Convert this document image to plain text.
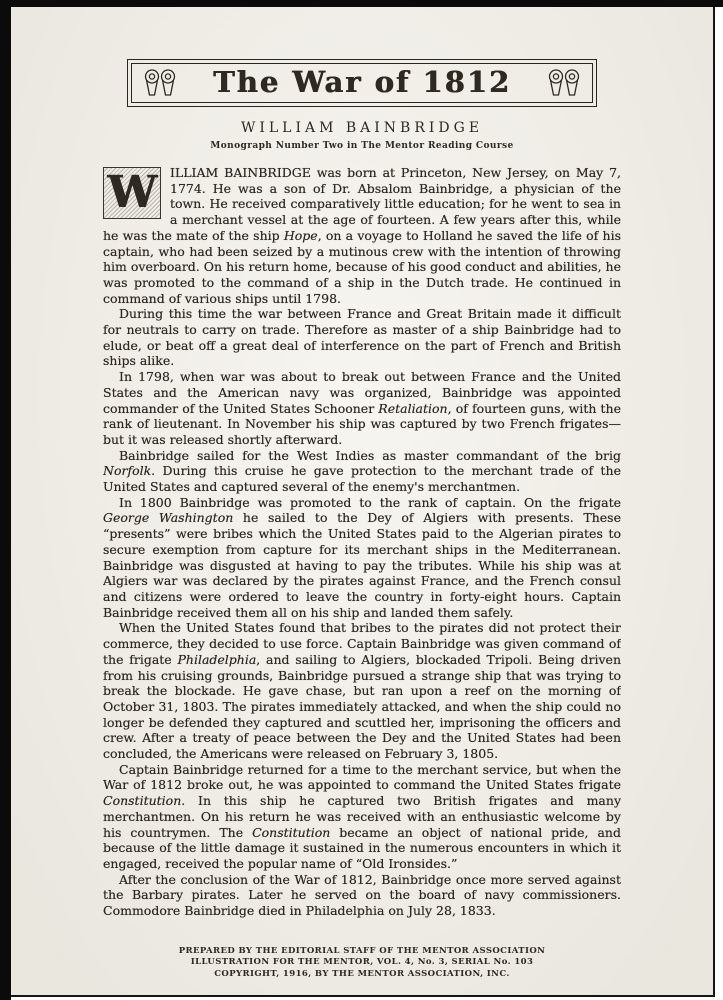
The War of 1812
WILLIAM BAINBRIDGE
Monograph Number Two in The Mentor Reading Course

W	ILLIAM BAINBRIDGE was born at Princeton, New Jersey, on May 7, 1774. He was a son of Dr. Absalom Bainbridge, a physician of the town. He received comparatively little education; for he went to sea in a merchant vessel at the age of fourteen. A few years after this, while he was the mate of the ship Hope, on a voyage to Holland he saved the life of his captain, who had been seized by a mutinous crew with the intention of throwing him overboard. On his return home, because of his good conduct and abilities, he was promoted to the command of a ship in the Dutch trade. He continued in command of various ships until 1798.

During this time the war between France and Great Britain made it difficult for neutrals to carry on trade. Therefore as master of a ship Bainbridge had to elude, or beat off a great deal of interference on the part of French and British ships alike.

In 1798, when war was about to break out between France and the United States and the American navy was organized, Bainbridge was appointed commander of the United States Schooner Retaliation, of fourteen guns, with the rank of lieutenant. In November his ship was captured by two French frigates—but it was released shortly afterward.

Bainbridge sailed for the West Indies as master commandant of the brig Norfolk. During this cruise he gave protection to the merchant trade of the United States and captured several of the enemy's merchantmen.

In 1800 Bainbridge was promoted to the rank of captain. On the frigate George Washington he sailed to the Dey of Algiers with presents. These “presents” were bribes which the United States paid to the Algerian pirates to secure exemption from capture for its merchant ships in the Mediterranean. Bainbridge was disgusted at having to pay the tributes. While his ship was at Algiers war was declared by the pirates against France, and the French consul and citizens were ordered to leave the country in forty-eight hours. Captain Bainbridge received them all on his ship and landed them safely.

When the United States found that bribes to the pirates did not protect their commerce, they decided to use force. Captain Bainbridge was given command of the frigate Philadelphia, and sailing to Algiers, blockaded Tripoli. Being driven from his cruising grounds, Bainbridge pursued a strange ship that was trying to break the blockade. He gave chase, but ran upon a reef on the morning of October 31, 1803. The pirates immediately attacked, and when the ship could no longer be defended they captured and scuttled her, imprisoning the officers and crew. After a treaty of peace between the Dey and the United States had been concluded, the Americans were released on February 3, 1805.

Captain Bainbridge returned for a time to the merchant service, but when the War of 1812 broke out, he was appointed to command the United States frigate Constitution. In this ship he captured two British frigates and many merchantmen. On his return he was received with an enthusiastic welcome by his countrymen. The Constitution became an object of national pride, and because of the little damage it sustained in the numerous encounters in which it engaged, received the popular name of “Old Ironsides.”

After the conclusion of the War of 1812, Bainbridge once more served against the Barbary pirates. Later he served on the board of navy commissioners. Commodore Bainbridge died in Philadelphia on July 28, 1833.

PREPARED BY THE EDITORIAL STAFF OF THE MENTOR ASSOCIATION
ILLUSTRATION FOR THE MENTOR, VOL. 4, No. 3, SERIAL No. 103
COPYRIGHT, 1916, BY THE MENTOR ASSOCIATION, INC.
